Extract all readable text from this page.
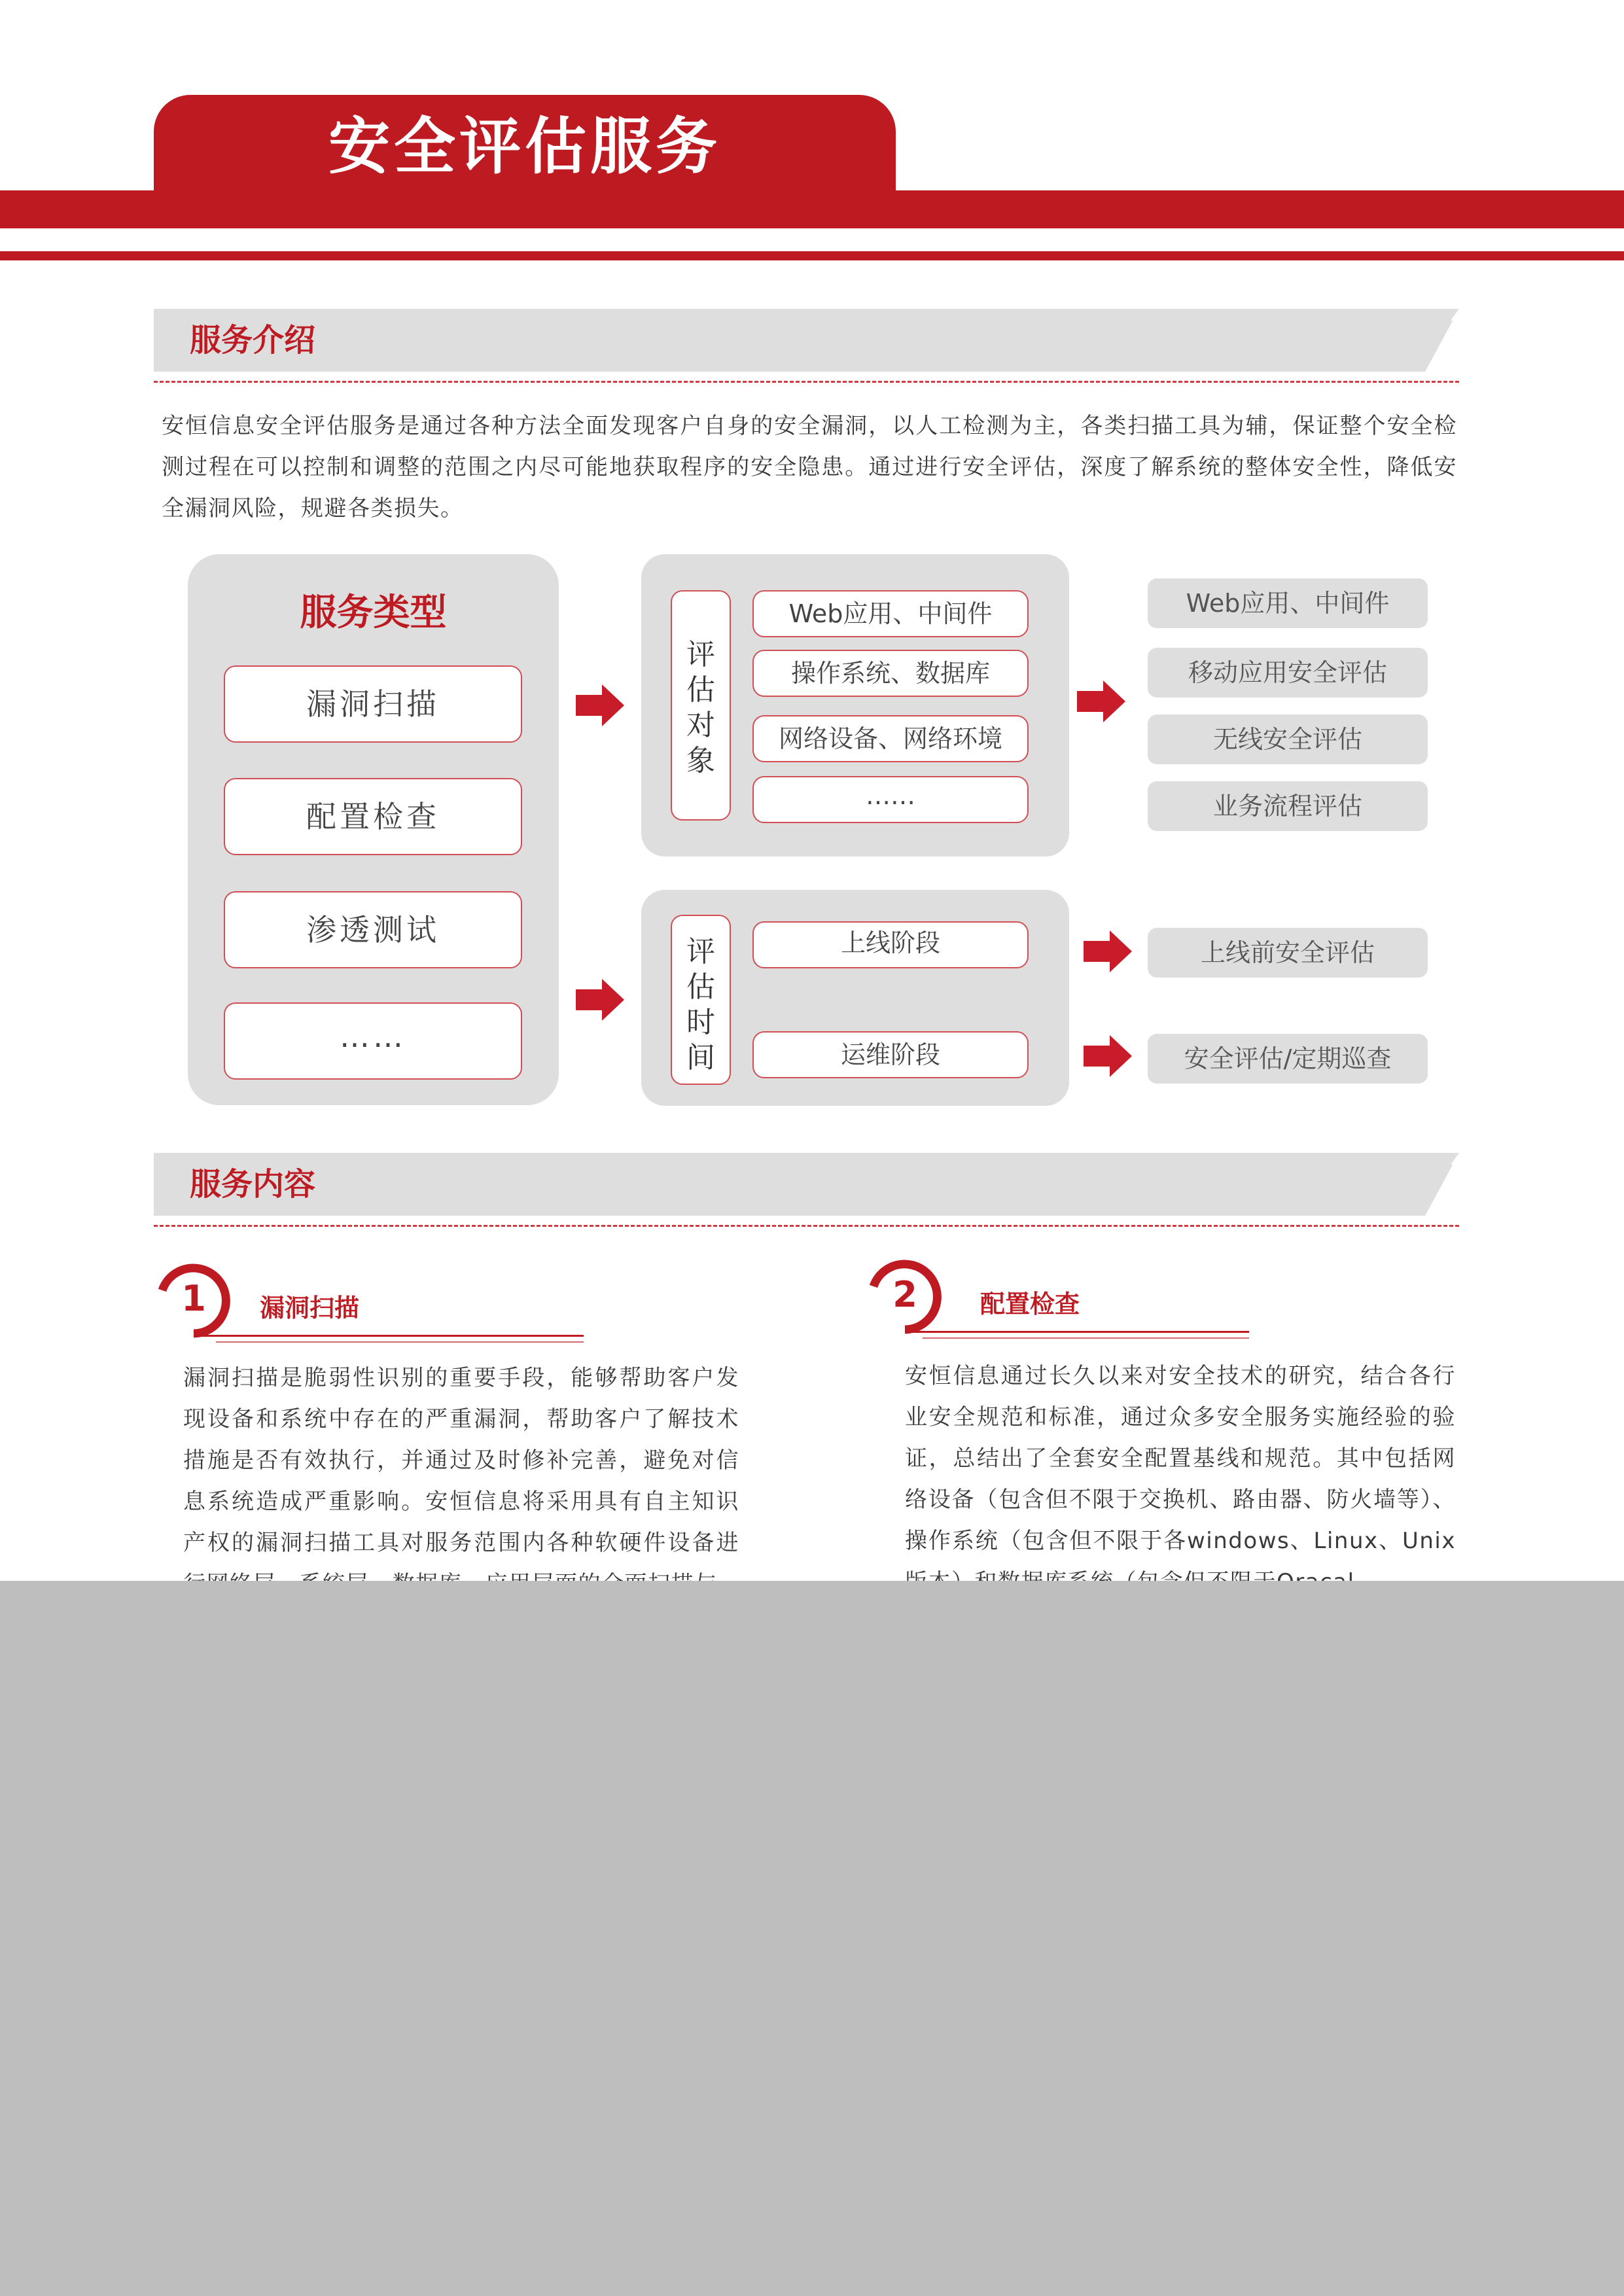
安全评估服务
服务介绍
安恒信息安全评估服务是通过各种方法全面发现客户自身的安全漏洞，以人工检测为主，各类扫描工具为辅，保证整个安全检测过程在可以控制和调整的范围之内尽可能地获取程序的安全隐患。通过进行安全评估，深度了解系统的整体安全性，降低安全漏洞风险，规避各类损失。
服务类型
漏洞扫描
配置检查
渗透测试
……
评估对象
Web应用、中间件
操作系统、数据库
网络设备、网络环境
……
评估时间
上线阶段
运维阶段
Web应用、中间件
移动应用安全评估
无线安全评估
业务流程评估
上线前安全评估
安全评估/定期巡查
服务内容
1 漏洞扫描
漏洞扫描是脆弱性识别的重要手段，能够帮助客户发现设备和系统中存在的严重漏洞，帮助客户了解技术措施是否有效执行，并通过及时修补完善，避免对信息系统造成严重影响。安恒信息将采用具有自主知识产权的漏洞扫描工具对服务范围内各种软硬件设备进
2	配置检查
安恒信息通过长久以来对安全技术的研究，结合各行业安全规范和标准，通过众多安全服务实施经验的验证，总结出了全套安全配置基线和规范。其中包括网络设备（包含但不限于交换机、路由器、防火墙等）、操作系统（包含但不限于各windows、Linux、Unix
